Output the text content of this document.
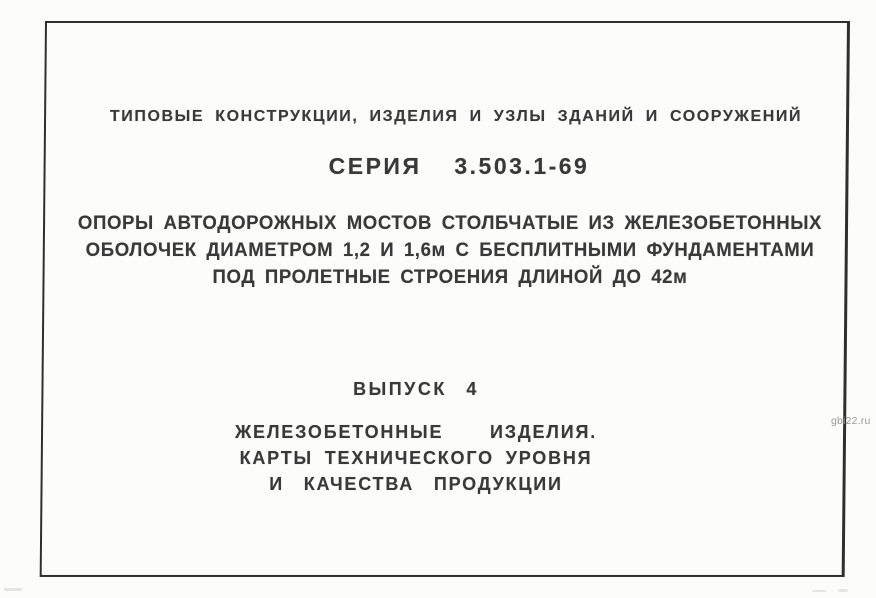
ТИПОВЫЕ КОНСТРУКЦИИ, ИЗДЕЛИЯ И УЗЛЫ ЗДАНИЙ И СООРУЖЕНИЙ
СЕРИЯ 3.503.1-69
ОПОРЫ АВТОДОРОЖНЫХ МОСТОВ СТОЛБЧАТЫЕ ИЗ ЖЕЛЕЗОБЕТОННЫХ
ОБОЛОЧЕК ДИАМЕТРОМ 1,2 И 1,6м С БЕСПЛИТНЫМИ ФУНДАМЕНТАМИ
ПОД ПРОЛЕТНЫЕ СТРОЕНИЯ ДЛИНОЙ ДО 42м
ВЫПУСК 4
ЖЕЛЕЗОБЕТОННЫЕ ИЗДЕЛИЯ.
КАРТЫ ТЕХНИЧЕСКОГО УРОВНЯ
И КАЧЕСТВА ПРОДУКЦИИ
gbi22.ru
